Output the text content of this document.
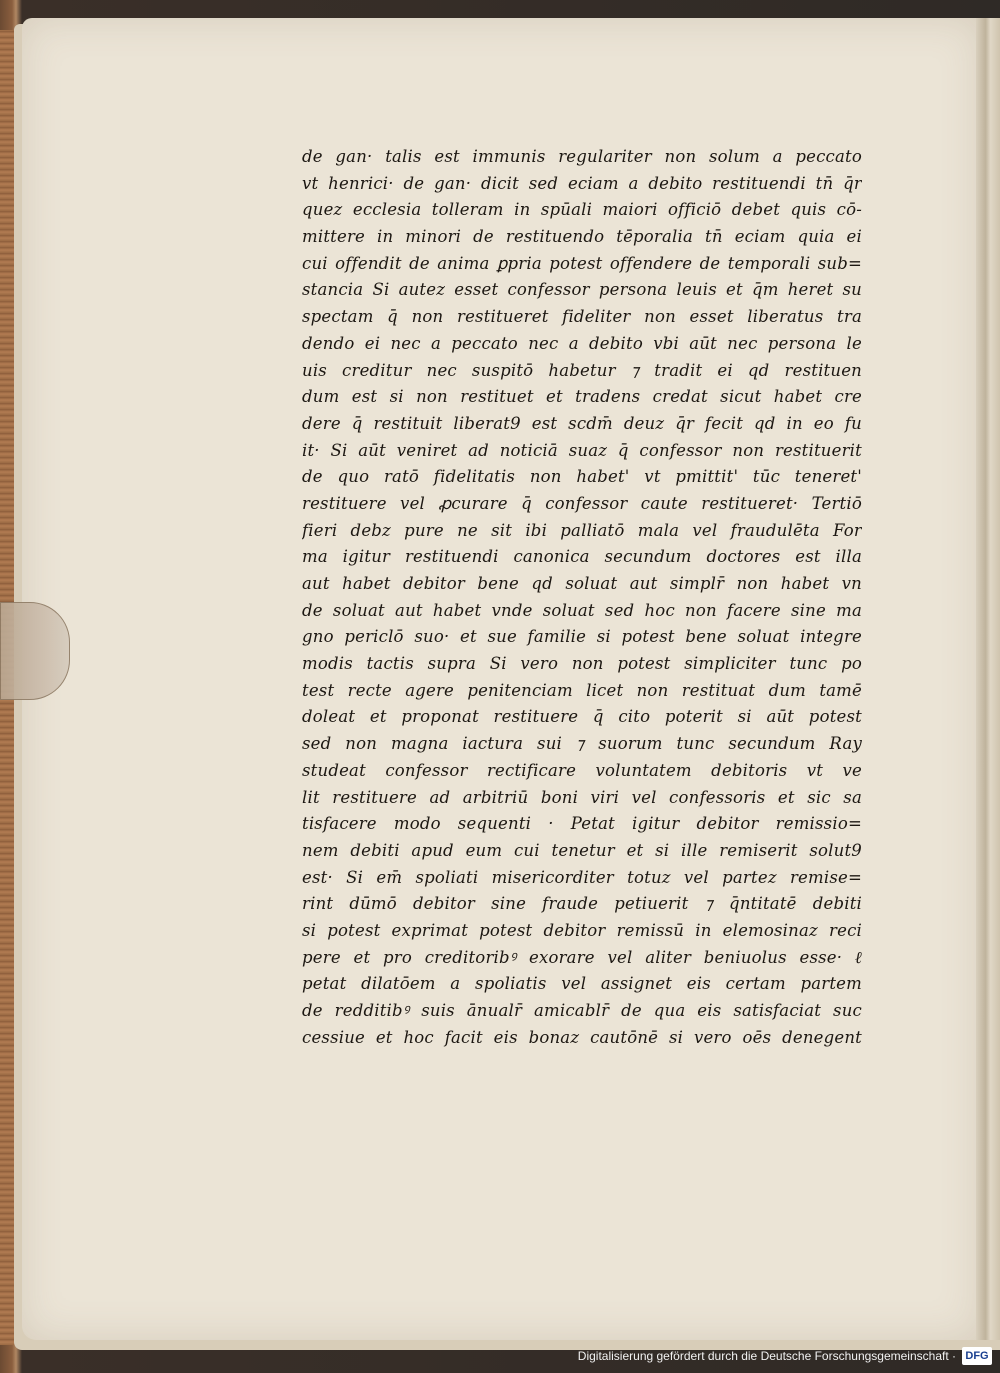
de gan· talis est immunis regulariter non solum a peccato
vt henrici· de gan· dicit sed eciam a debito restituendi tn̄ q̄r
quez ecclesia tolleraт in spūali maiori officiō debet quis cō-
mittere in minori de restituendo tēporalia tn̄ eciam quia ei
cui offendit de anima ꝑpria potest offendere de temporali sub=
stancia Si autez esset confessor persona leuis et q̄m heret su
spectam q̄ non restitueret fideliter non esset liberatus tra
dendo ei nec a peccato nec a debito vbi aūt nec persona le
uis creditur nec suspitō habetur ⁊ tradit ei qd restituen
dum est si non restituet et tradens credat sicut habet cre
dere q̄ restituit liberat9 est scdm̄ deuz q̄r fecit qd in eo fu
it· Si aūt veniret ad noticiā suaz q̄ confessor non restituerit
de quo ratō fidelitatis non habet' vt pmittit' tūc teneret'
restituere vel ꝓcurare q̄ confessor caute restitueret· Tertiō
fieri debz pure ne sit ibi palliatō mala vel fraudulēta For
ma igitur restituendi canonica secundum doctores est illa
aut habet debitor bene qd soluat aut simplr̄ non habet vn
de soluat aut habet vnde soluat sed hoc non facere sine ma
gno periclō suo· et sue familie si potest bene soluat integre
modis tactis supra Si vero non potest simpliciter tunc po
test recte agere penitenciam licet non restituat dum tamē
doleat et proponat restituere q̄ cito poterit si aūt potest
sed non magna iactura sui ⁊ suorum tunc secundum Ray
studeat confessor rectificare voluntatem debitoris vt ve
lit restituere ad arbitriū boni viri vel confessoris et sic sa
tisfacere modo sequenti · Petat igitur debitor remissio=
nem debiti apud eum cui tenetur et si ille remiserit solut9
est· Si em̄ spoliati misericorditer totuz vel partez remise=
rint dūmō debitor sine fraude petiuerit ⁊ q̄ntitatē debiti
si potest exprimat potest debitor remissū in elemosinaz reci
pere et pro creditoribꝰ exorare vel aliter beniuolus esse· ℓ
petat dilatōem a spoliatis vel assignet eis certam partem
de redditibꝰ suis ānualr̄ amicablr̄ de qua eis satisfaciat suc
cessiue et hoc facit eis bonaz cautōnē si vero oēs denegent
Digitalisierung gefördert durch die Deutsche Forschungsgemeinschaft · DFG
